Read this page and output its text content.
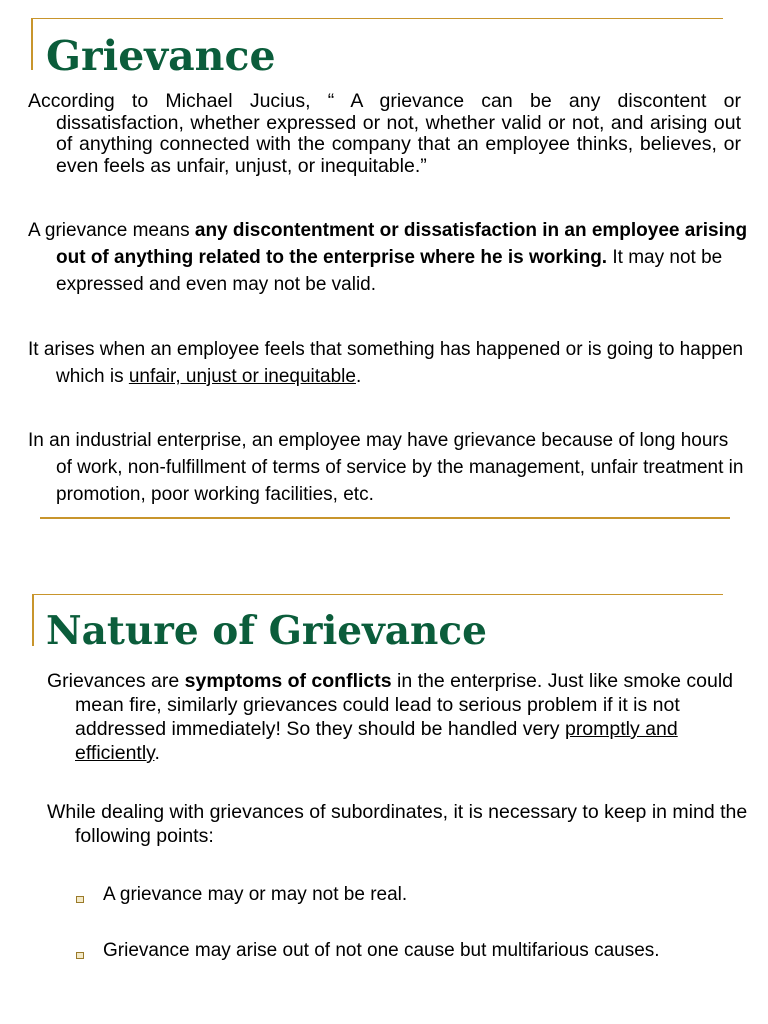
Grievance

According to Michael Jucius, “ A grievance can be any discontent or dissatisfaction, whether expressed or not, whether valid or not, and arising out of anything connected with the company that an employee thinks, believes, or even feels as unfair, unjust, or inequitable.”

A grievance means any discontentment or dissatisfaction in an employee arising out of anything related to the enterprise where he is working. It may not be expressed and even may not be valid.

It arises when an employee feels that something has happened or is going to happen which is unfair, unjust or inequitable.

In an industrial enterprise, an employee may have grievance because of long hours of work, non-fulfillment of terms of service by the management, unfair treatment in promotion, poor working facilities, etc.

Nature of Grievance

Grievances are symptoms of conflicts in the enterprise. Just like smoke could mean fire, similarly grievances could lead to serious problem if it is not addressed immediately! So they should be handled very promptly and efficiently.

While dealing with grievances of subordinates, it is necessary to keep in mind the following points:

A grievance may or may not be real.

Grievance may arise out of not one cause but multifarious causes.
